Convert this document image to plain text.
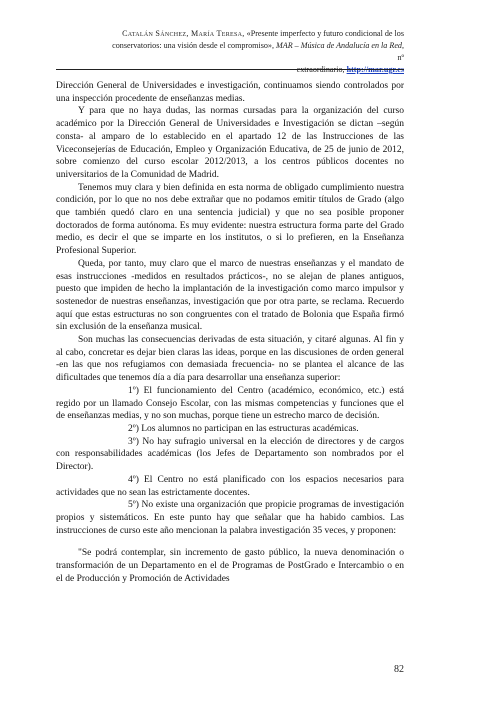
Catalán Sánchez, María Teresa, «Presente imperfecto y futuro condicional de los
conservatorios: una visión desde el compromiso», MAR – Música de Andalucía en la Red, nº
extraordinario, http://mar.ugr.es

Dirección General de Universidades e investigación, continuamos siendo controlados por una inspección procedente de enseñanzas medias.

Y para que no haya dudas, las normas cursadas para la organización del curso académico por la Dirección General de Universidades e Investigación se dictan –según consta- al amparo de lo establecido en el apartado 12 de las Instrucciones de las Viceconsejerías de Educación, Empleo y Organización Educativa, de 25 de junio de 2012, sobre comienzo del curso escolar 2012/2013, a los centros públicos docentes no universitarios de la Comunidad de Madrid.

Tenemos muy clara y bien definida en esta norma de obligado cumplimiento nuestra condición, por lo que no nos debe extrañar que no podamos emitir títulos de Grado (algo que también quedó claro en una sentencia judicial) y que no sea posible proponer doctorados de forma autónoma. Es muy evidente: nuestra estructura forma parte del Grado medio, es decir el que se imparte en los institutos, o si lo prefieren, en la Enseñanza Profesional Superior.

Queda, por tanto, muy claro que el marco de nuestras enseñanzas y el mandato de esas instrucciones -medidos en resultados prácticos-, no se alejan de planes antiguos, puesto que impiden de hecho la implantación de la investigación como marco impulsor y sostenedor de nuestras enseñanzas, investigación que por otra parte, se reclama. Recuerdo aquí que estas estructuras no son congruentes con el tratado de Bolonia que España firmó sin exclusión de la enseñanza musical.

Son muchas las consecuencias derivadas de esta situación, y citaré algunas. Al fin y al cabo, concretar es dejar bien claras las ideas, porque en las discusiones de orden general -en las que nos refugiamos con demasiada frecuencia- no se plantea el alcance de las dificultades que tenemos día a día para desarrollar una enseñanza superior:

1º) El funcionamiento del Centro (académico, económico, etc.) está regido por un llamado Consejo Escolar, con las mismas competencias y funciones que el de enseñanzas medias, y no son muchas, porque tiene un estrecho marco de decisión.

2º) Los alumnos no participan en las estructuras académicas.

3º) No hay sufragio universal en la elección de directores y de cargos con responsabilidades académicas (los Jefes de Departamento son nombrados por el Director).

4º) El Centro no está planificado con los espacios necesarios para actividades que no sean las estrictamente docentes.

5º) No existe una organización que propicie programas de investigación propios y sistemáticos. En este punto hay que señalar que ha habido cambios. Las instrucciones de curso este año mencionan la palabra investigación 35 veces, y proponen:

"Se podrá contemplar, sin incremento de gasto público, la nueva denominación o transformación de un Departamento en el de Programas de PostGrado e Intercambio o en el de Producción y Promoción de Actividades

82
